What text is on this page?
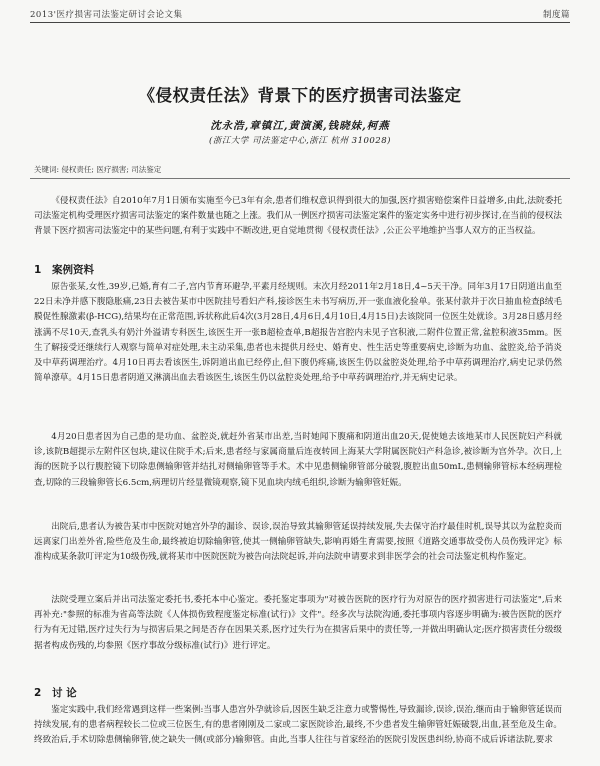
2013'医疗损害司法鉴定研讨会论文集	制度篇
《侵权责任法》背景下的医疗损害司法鉴定
沈永浩,章镇江,黄演溪,钱晓妹,柯燕
(浙江大学 司法鉴定中心,浙江 杭州 310028)
关键词: 侵权责任; 医疗损害; 司法鉴定

《侵权责任法》自2010年7月1日颁布实施至今已3年有余,患者们维权意识得到很大的加强,医疗损害赔偿案件日益增多,由此,法院委托司法鉴定机构受理医疗损害司法鉴定的案件数量也随之上涨。我们从一例医疗损害司法鉴定案件的鉴定实务中进行初步探讨,在当前的侵权法背景下医疗损害司法鉴定中的某些问题,有利于实践中不断改进,更自觉地贯彻《侵权责任法》,公正公平地维护当事人双方的正当权益。

1 案例资料

原告张某,女性,39岁,已婚,育有二子,宫内节育环避孕,平素月经规则。末次月经2011年2月18日,4~5天干净。同年3月17日阴道出血至22日未净并感下腹隐胀痛,23日去被告某市中医院挂号看妇产科,接诊医生未书写病历,开一张血液化验单。张某付款并于次日抽血检查β绒毛膜促性腺激素(β-HCG),结果均在正常范围,诉状称此后4次(3月28日,4月6日,4月10日,4月15日)去该院同一位医生处就诊。3月28日感月经涨满不尽10天,查乳头有奶汁外溢请专科医生,该医生开一张B超检查单,B超报告宫腔内未见子宫积液,二附件位置正常,盆腔积液35mm。医生了解接受还继续行人观察与简单对症处理,未主动采集,患者也未提供月经史、婚育史、性生活史等重要病史,诊断为功血、盆腔炎,给予消炎及中草药调理治疗。4月10日再去看该医生,诉阴道出血已经停止,但下腹仍疼痛,该医生仍以盆腔炎处理,给予中草药调理治疗,病史记录仍然简单潦草。4月15日患者阴道又淋漓出血去看该医生,该医生仍以盆腔炎处理,给予中草药调理治疗,并无病史记录。

4月20日患者因为自己患的是功血、盆腔炎,就赶外省某市出差,当时她闻下腹痛和阴道出血20天,促使她去该地某市人民医院妇产科就诊,该院B超提示左附件区包块,建议住院手术;后来,患者经与家属商量后连夜转回上海某大学附属医院妇产科急诊,被诊断为宫外孕。次日,上海的医院予以行腹腔镜下切除患侧输卵管并结扎对侧输卵管等手术。术中见患侧输卵管部分破裂,腹腔出血50mL,患侧输卵管标本经病理检查,切除的三段输卵管长6.5cm,病理切片经显微镜观察,镜下见血块内绒毛组织,诊断为输卵管妊娠。

出院后,患者认为被告某市中医院对她宫外孕的漏诊、误诊,误治导致其输卵管延误持续发展,失去保守治疗最佳时机,误导其以为盆腔炎而远离家门出差外省,险些危及生命,最终被迫切除输卵管,使其一侧输卵管缺失,影响再婚生育需要,按照《道路交通事故受伤人员伤残评定》标准构成某条款叮评定为10级伤残,就将某市中医院医院为被告向法院起诉,并向法院申请要求到非医学会的社会司法鉴定机构作鉴定。

法院受理立案后并出司法鉴定委托书,委托本中心鉴定。委托鉴定事项为"对被告医院的医疗行为对原告的医疗损害进行司法鉴定",后来再补充:"参照的标准为省高等法院《人体损伤致程度鉴定标准(试行)》文件"。经多次与法院沟通,委托事项内容逐步明确为:被告医院的医疗行为有无过错,医疗过失行为与损害后果之间是否存在因果关系,医疗过失行为在损害后果中的责任等,一并做出明确认定;医疗损害责任分级级据者构成伤残的,均参照《医疗事故分级标准(试行)》进行评定。

2 讨 论

鉴定实践中,我们经常遇到这样一些案例:当事人患宫外孕就诊后,因医生缺乏注意力或警惕性,导致漏诊,误诊,误治,继而由于输卵管延误而持续发展,有的患者病程较长二位或三位医生,有的患者刚刚及二家或二家医院诊治,最终,不少患者发生输卵管妊娠破裂,出血,甚至危及生命。终致治后,手术切除患侧输卵管,使之缺失一侧(或部分)输卵管。由此,当事人往往与首家经治的医院引发医患纠纷,协商不成后诉诸法院,要求
